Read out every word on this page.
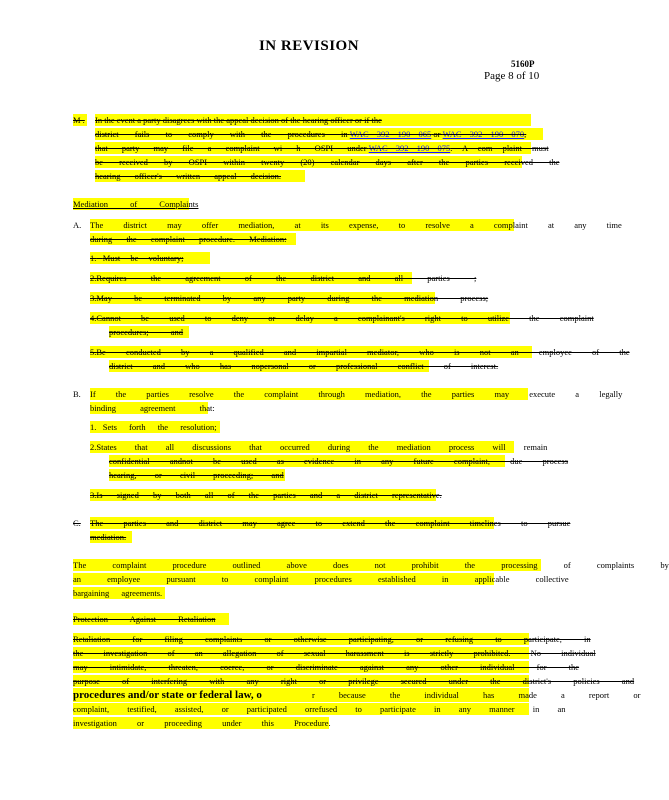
IN REVISION
5160P
Page 8 of 10
M . In the event a party disagrees with the appeal decision of the hearing officer or if the
district fails to comply with the procedures in WAC 392 190 065 or WAC 392 190 070,
that party may file a complaint wi h OSPI under WAC 392 190 075. A com plaint must
be received by OSPI within twenty (20) calendar days after the parties received the
hearing officer's written appeal decision.
Mediation of Complaints
A. The district may offer mediation, at its expense, to resolve a complaint at any time
during the complaint procedure. Mediation:
1. Must be voluntary;
2. Requires the agreement of the district and all parties ;
3. May be terminated by any party during the mediation process;
4. Cannot be used to deny or delay a complainant's right to utilize the complaint
procedures; and
5. Be conducted by a qualified and impartial mediator, who is not an employee of the
district and who has nopersonal or professional conflict of interest.
B. If the parties resolve the complaint through mediation, the parties may execute a legally
binding agreement that:
1. Sets forth the resolution;
2. States that all discussions that occurred during the mediation process will remain
confidential andnot be used as evidence in any future complaint, due process
hearing, or civil proceeding; and
3. Is signed by both all of the parties and a district representative.
C. The parties and district may agree to extend the complaint timelines to pursue
mediation.
The complaint procedure outlined above does not prohibit the processing of complaints by
an employee pursuant to complaint procedures established in applicable collective
bargaining agreements.
Protection Against Retaliation
Retaliation for filing complaints or otherwise participating, or refusing to participate, in
the investigation of an allegation of sexual harassment is strictly prohibited. No individual
may intimidate, threaten, coerce, or discriminate against any other individual for the
purpose of interfering with any right or privilege secured under the district's policies and
procedures and/or state or federal law, o	r because the individual has made a report or
complaint, testified, assisted, or participated orrefused to participate in any manner in an
investigation or proceeding under this Procedure.
